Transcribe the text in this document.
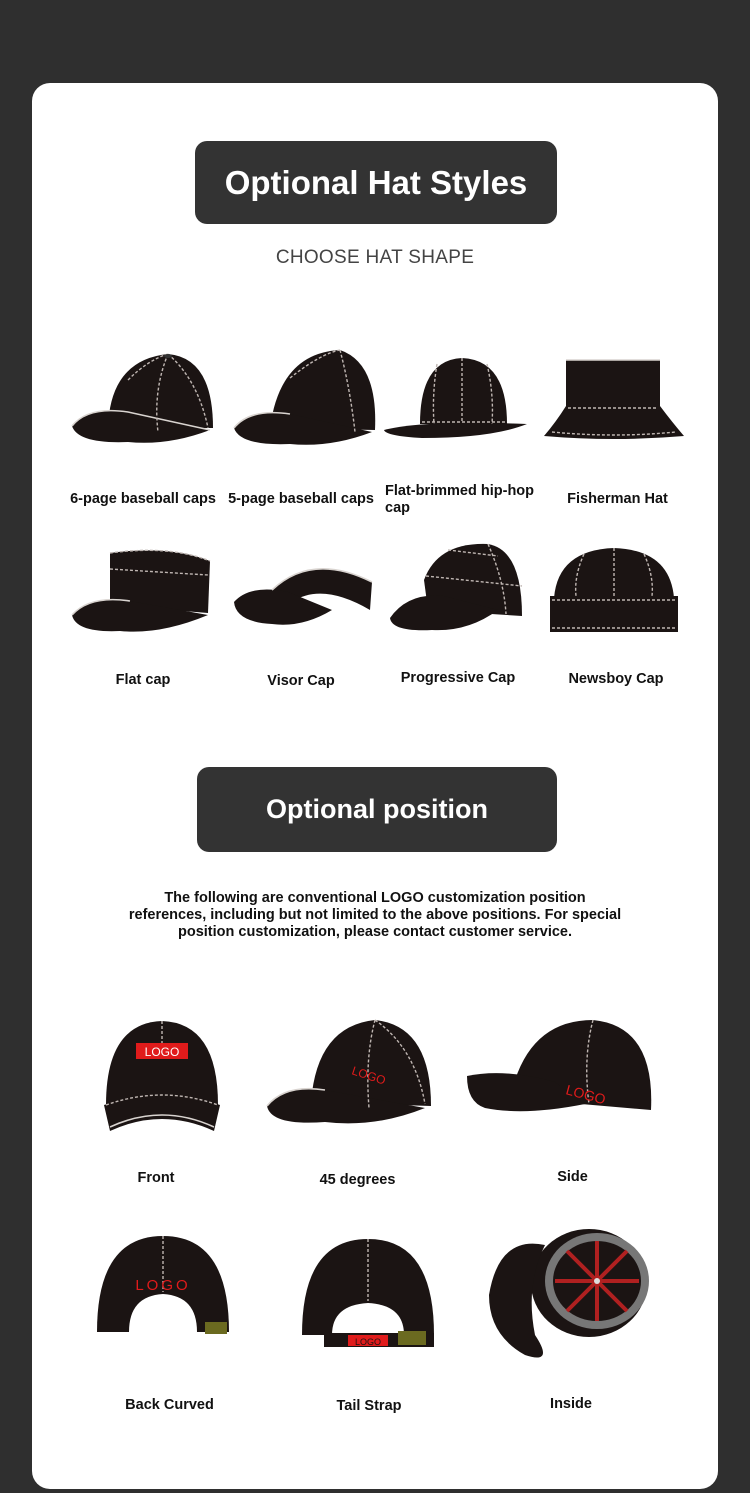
Optional Hat Styles
CHOOSE HAT SHAPE
6-page baseball caps 5-page baseball caps Flat-brimmed hip-hop cap
Fisherman Hat
Flat cap	Visor Cap	Progressive Cap	Newsboy Cap
Optional position
The following are conventional LOGO customization position references, including but not limited to the above positions. For special position customization, please contact customer service.
LOGO
LOGO
LOGO
Front	45 degrees	Side
LOGO
LOGO
Back Curved	Tail Strap	Inside
